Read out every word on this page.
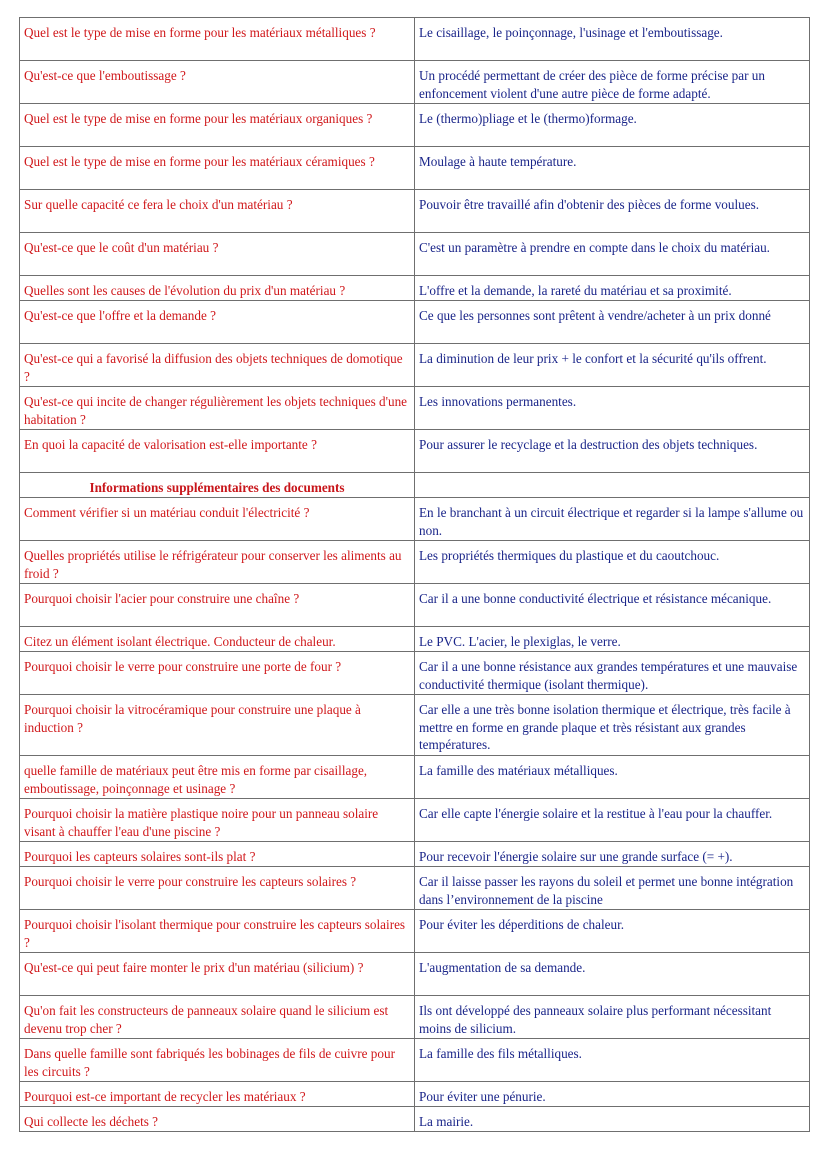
Quel est le type de mise en forme pour les matériaux métalliques ?	Le cisaillage, le poinçonnage, l'usinage et l'emboutissage.
Qu'est-ce que l'emboutissage ?	Un procédé permettant de créer des pièce de forme précise par un enfoncement violent d'une autre pièce de forme adapté.
Quel est le type de mise en forme pour les matériaux organiques ?	Le (thermo)pliage et le (thermo)formage.
Quel est le type de mise en forme pour les matériaux céramiques ?	Moulage à haute température.
Sur quelle capacité ce fera le choix d'un matériau ?	Pouvoir être travaillé afin d'obtenir des pièces de forme voulues.
Qu'est-ce que le coût d'un matériau ?	C'est un paramètre à prendre en compte dans le choix du matériau.
Quelles sont les causes de l'évolution du prix d'un matériau ?	L'offre et la demande, la rareté du matériau et sa proximité.
Qu'est-ce que l'offre et la demande ?	Ce que les personnes sont prêtent à vendre/acheter à un prix donné
Qu'est-ce qui a favorisé la diffusion des objets techniques de domotique ?	La diminution de leur prix + le confort et la sécurité qu'ils offrent.
Qu'est-ce qui incite de changer régulièrement les objets techniques d'une habitation ?	Les innovations permanentes.
En quoi la capacité de valorisation est-elle importante ?	Pour assurer le recyclage et la destruction des objets techniques.
Informations supplémentaires des documents	
Comment vérifier si un matériau conduit l'électricité ?	En le branchant à un circuit électrique et regarder si la lampe s'allume ou non.
Quelles propriétés utilise le réfrigérateur pour conserver les aliments au froid ?	Les propriétés thermiques du plastique et du caoutchouc.
Pourquoi choisir l'acier pour construire une chaîne ?	Car il a une bonne conductivité électrique et résistance mécanique.
Citez un élément isolant électrique. Conducteur de chaleur.	Le PVC. L'acier, le plexiglas, le verre.
Pourquoi choisir le verre pour construire une porte de four ?	Car il a une bonne résistance aux grandes températures et une mauvaise conductivité thermique (isolant thermique).
Pourquoi choisir la vitrocéramique pour construire une plaque à induction ?	Car elle a une très bonne isolation thermique et électrique, très facile à mettre en forme en grande plaque et très résistant aux grandes températures.
quelle famille de matériaux peut être mis en forme par cisaillage, emboutissage, poinçonnage et usinage ?	La famille des matériaux métalliques.
Pourquoi choisir la matière plastique noire pour un panneau solaire visant à chauffer l'eau d'une piscine ?	Car elle capte l'énergie solaire et la restitue à l'eau pour la chauffer.
Pourquoi les capteurs solaires sont-ils plat ?	Pour recevoir l'énergie solaire sur une grande surface (= +).
Pourquoi choisir le verre pour construire les capteurs solaires ?	Car il laisse passer les rayons du soleil et permet une bonne intégration dans l’environnement de la piscine
Pourquoi choisir l'isolant thermique pour construire les capteurs solaires ?	Pour éviter les déperditions de chaleur.
Qu'est-ce qui peut faire monter le prix d'un matériau (silicium) ?	L'augmentation de sa demande.
Qu'on fait les constructeurs de panneaux solaire quand le silicium est devenu trop cher ?	Ils ont développé des panneaux solaire plus performant nécessitant moins de silicium.
Dans quelle famille sont fabriqués les bobinages de fils de cuivre pour les circuits ?	La famille des fils métalliques.
Pourquoi est-ce important de recycler les matériaux ?	Pour éviter une pénurie.
Qui collecte les déchets ?	La mairie.
